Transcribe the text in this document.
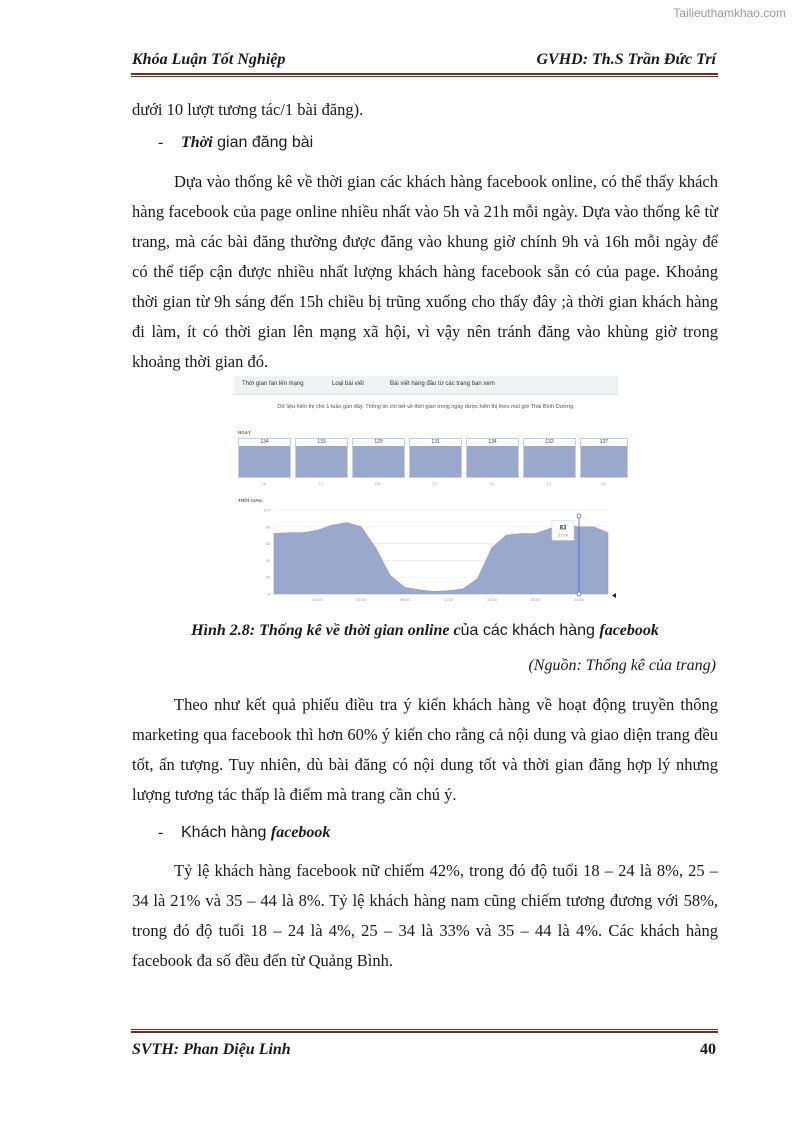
Tailieuthamkhao.com
Khóa Luận Tốt Nghiệp	GVHD: Th.S Trần Đức Trí
dưới 10 lượt tương tác/1 bài đăng).
- Thời gian đăng bài
Dựa vào thống kê về thời gian các khách hàng facebook online, có thể thấy khách hàng facebook của page online nhiều nhất vào 5h và 21h mỗi ngày. Dựa vào thống kê từ trang, mà các bài đăng thường được đăng vào khung giờ chính 9h và 16h mỗi ngày để có thể tiếp cận được nhiều nhất lượng khách hàng facebook sẵn có của page. Khoảng thời gian từ 9h sáng đến 15h chiều bị trũng xuống cho thấy đây ;à thời gian khách hàng đi làm, ít có thời gian lên mạng xã hội, vì vậy nên tránh đăng vào khùng giờ trong khoảng thời gian đó.
Thời gian fan lên mạng	Loại bài viết	Bài viết hàng đầu từ các trang bạn xem
Dữ liệu hiển thị cho 1 tuần gần đây. Thông tin chi tiết về thời gian trong ngày được hiển thị theo múi giờ Thái Bình Dương.
NGÀY
134	133	129	131	134	132	137
T6	T7	CN	T2	T3	T4	T5
THỜI GIAN
100
80
60
40
20
0
03:00	06:00	09:00	12:00	15:00	18:00	21:00
83
21:00
Hình 2.8: Thống kê về thời gian online của các khách hàng facebook
(Nguồn: Thống kê của trang)
Theo như kết quả phiếu điều tra ý kiến khách hàng về hoạt động truyền thông marketing qua facebook thì hơn 60% ý kiến cho rằng cả nội dung và giao diện trang đều tốt, ấn tượng. Tuy nhiên, dù bài đăng có nội dung tốt và thời gian đăng hợp lý nhưng lượng tương tác thấp là điểm mà trang cần chú ý.
- Khách hàng facebook
Tỷ lệ khách hàng facebook nữ chiếm 42%, trong đó độ tuổi 18 – 24 là 8%, 25 – 34 là 21% và 35 – 44 là 8%. Tỷ lệ khách hàng nam cũng chiếm tương đương với 58%, trong đó độ tuổi 18 – 24 là 4%, 25 – 34 là 33% và 35 – 44 là 4%. Các khách hàng facebook đa số đều đến từ Quảng Bình.
SVTH: Phan Diệu Linh	40
